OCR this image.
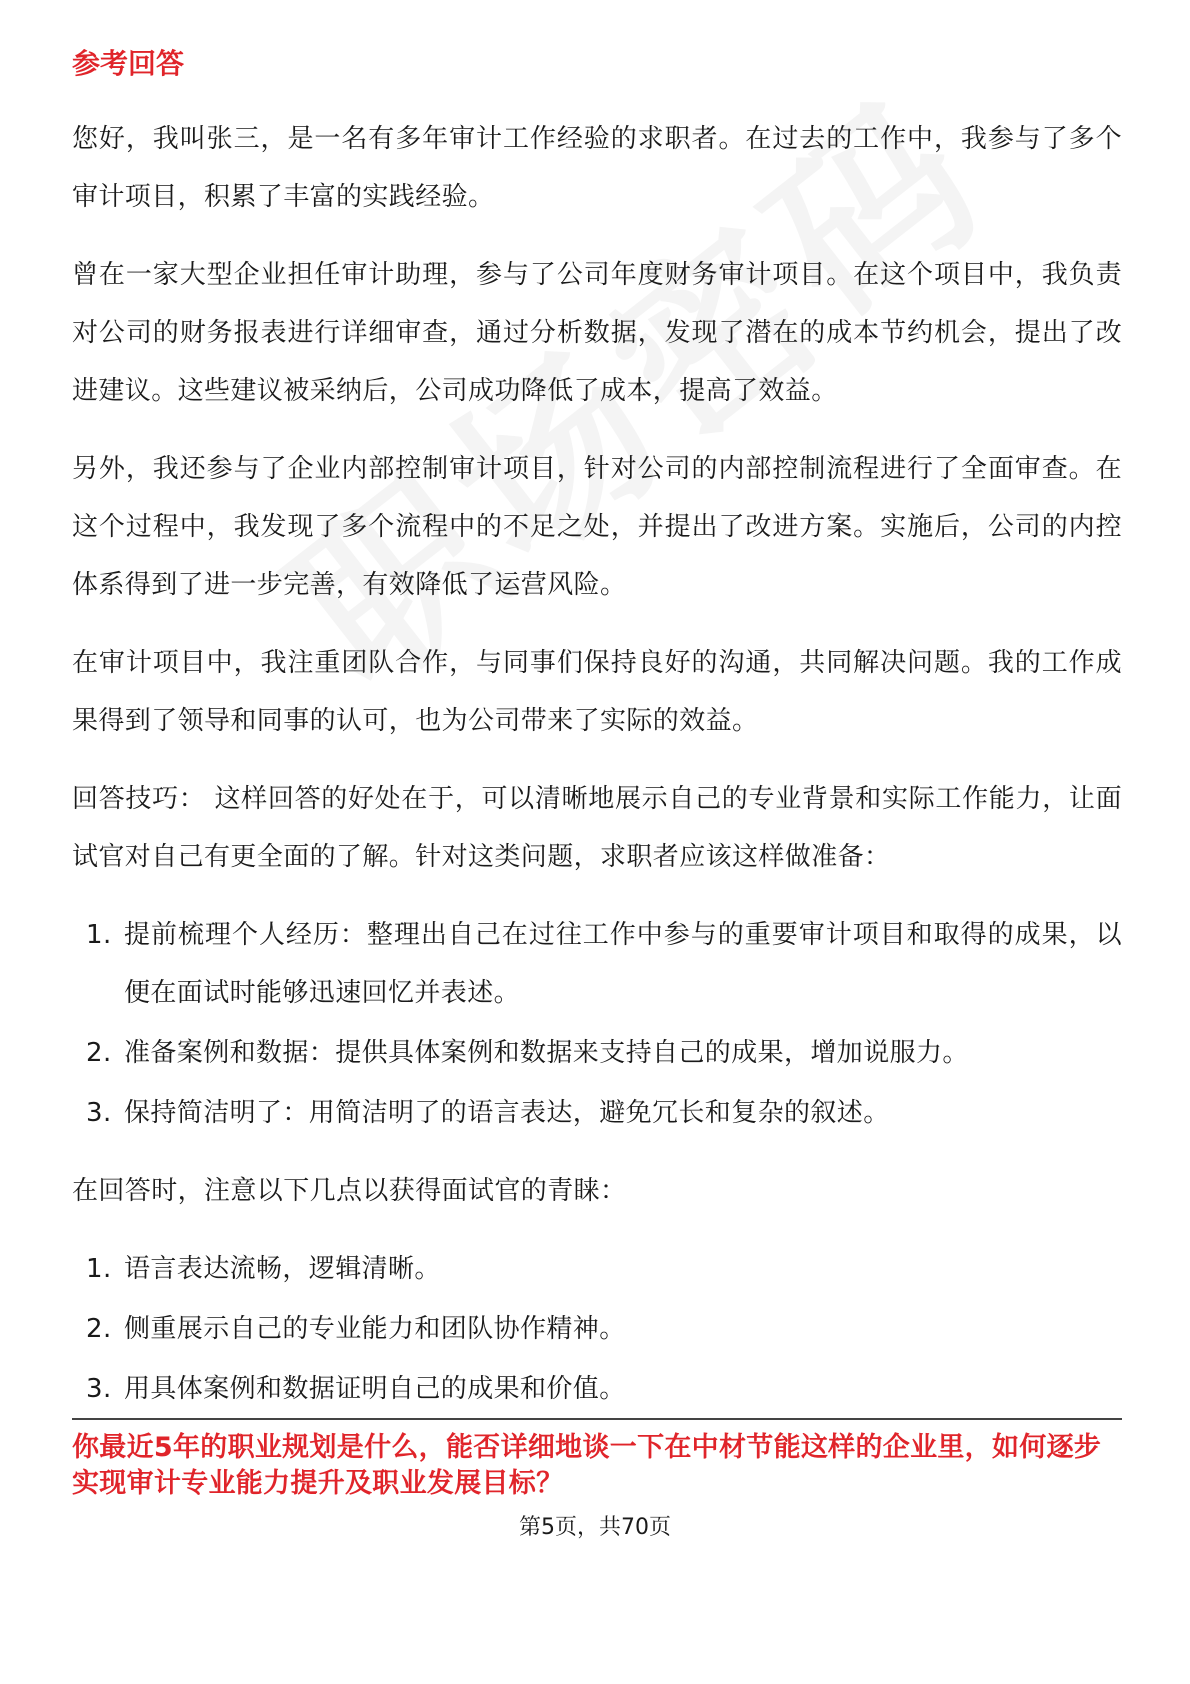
参考回答

您好，我叫张三，是一名有多年审计工作经验的求职者。在过去的工作中，我参与了多个审计项目，积累了丰富的实践经验。

曾在一家大型企业担任审计助理，参与了公司年度财务审计项目。在这个项目中，我负责对公司的财务报表进行详细审查，通过分析数据，发现了潜在的成本节约机会，提出了改进建议。这些建议被采纳后，公司成功降低了成本，提高了效益。

另外，我还参与了企业内部控制审计项目，针对公司的内部控制流程进行了全面审查。在这个过程中，我发现了多个流程中的不足之处，并提出了改进方案。实施后，公司的内控体系得到了进一步完善，有效降低了运营风险。

在审计项目中，我注重团队合作，与同事们保持良好的沟通，共同解决问题。我的工作成果得到了领导和同事的认可，也为公司带来了实际的效益。

回答技巧： 这样回答的好处在于，可以清晰地展示自己的专业背景和实际工作能力，让面试官对自己有更全面的了解。针对这类问题，求职者应该这样做准备：

1. 提前梳理个人经历：整理出自己在过往工作中参与的重要审计项目和取得的成果，以便在面试时能够迅速回忆并表述。
2. 准备案例和数据：提供具体案例和数据来支持自己的成果，增加说服力。
3. 保持简洁明了：用简洁明了的语言表达，避免冗长和复杂的叙述。

在回答时，注意以下几点以获得面试官的青睐：

1. 语言表达流畅，逻辑清晰。
2. 侧重展示自己的专业能力和团队协作精神。
3. 用具体案例和数据证明自己的成果和价值。
你最近5年的职业规划是什么，能否详细地谈一下在中材节能这样的企业里，如何逐步实现审计专业能力提升及职业发展目标？
第5页，共70页
